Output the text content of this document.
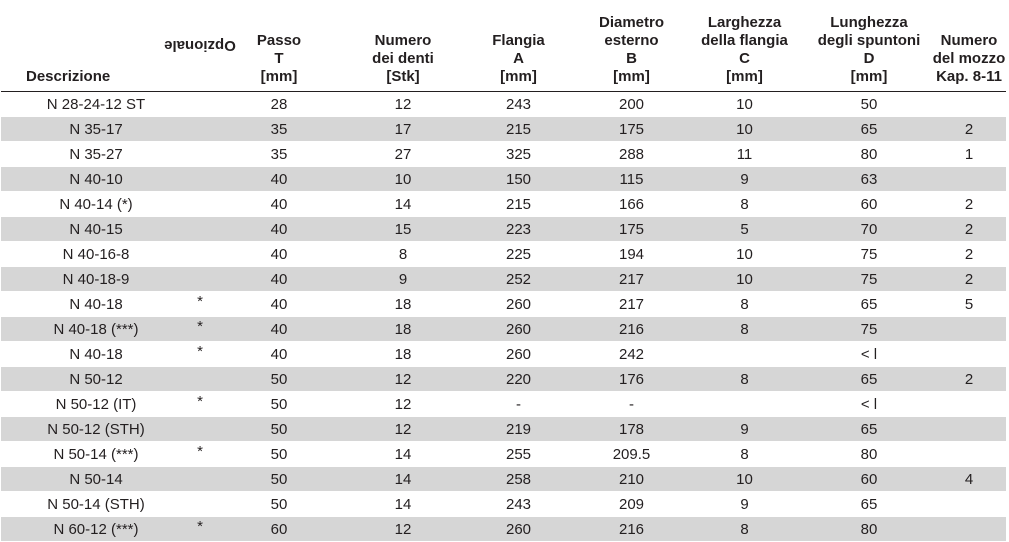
Descrizione	Opzionale	Passo
T
[mm]	Numero
dei denti
[Stk]	Flangia
A
[mm]	Diametro
esterno
B
[mm]	Larghezza
della flangia
C
[mm]	Lunghezza
degli spuntoni
D
[mm]	Numero
del mozzo
Kap. 8-11

N 28-24-12 ST		28	12	243	200	10	50	
N 35-17		35	17	215	175	10	65	2
N 35-27		35	27	325	288	11	80	1
N 40-10		40	10	150	115	9	63	
N 40-14 (*)		40	14	215	166	8	60	2
N 40-15		40	15	223	175	5	70	2
N 40-16-8		40	8	225	194	10	75	2
N 40-18-9		40	9	252	217	10	75	2
N 40-18	*	40	18	260	217	8	65	5
N 40-18 (***)	*	40	18	260	216	8	75	
N 40-18	*	40	18	260	242		< l	
N 50-12		50	12	220	176	8	65	2
N 50-12 (IT)	*	50	12	-	-		< l	
N 50-12 (STH)		50	12	219	178	9	65	
N 50-14 (***)	*	50	14	255	209.5	8	80	
N 50-14		50	14	258	210	10	60	4
N 50-14 (STH)		50	14	243	209	9	65	
N 60-12 (***)	*	60	12	260	216	8	80	
